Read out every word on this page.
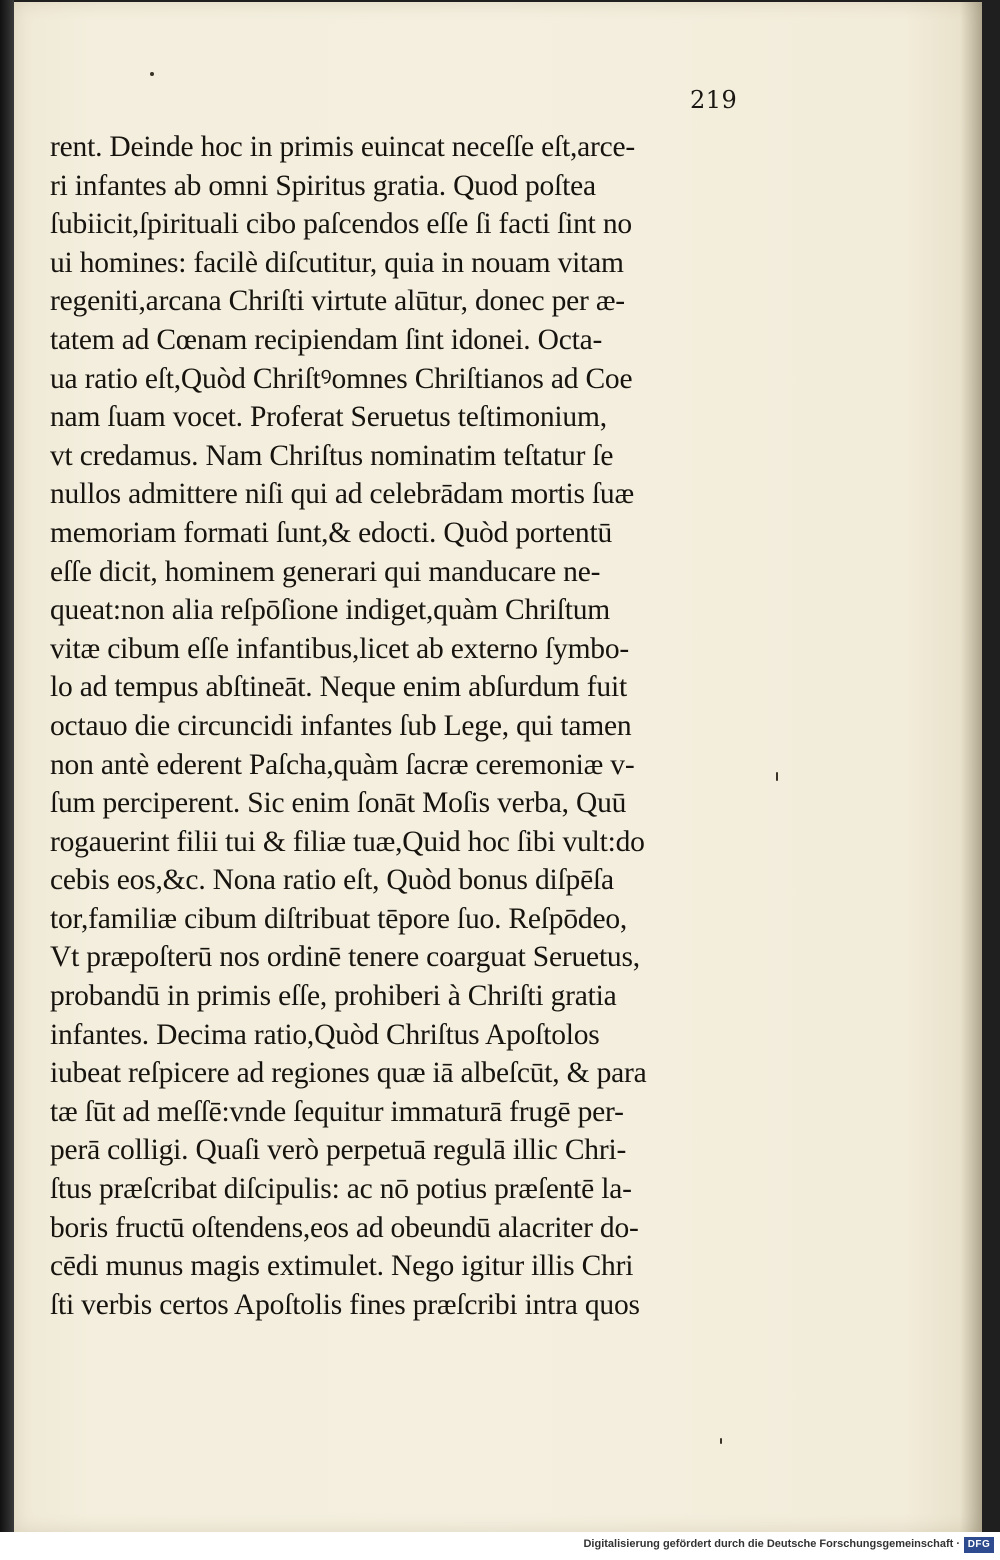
219
rent. Deinde hoc in primis euincat neceſſe eſt,arce-
ri infantes ab omni Spiritus gratia. Quod poſtea
ſubiicit,ſpirituali cibo paſcendos eſſe ſi facti ſint no
ui homines: facilè diſcutitur, quia in nouam vitam
regeniti,arcana Chriſti virtute alūtur, donec per æ-
tatem ad Cœnam recipiendam ſint idonei. Octa-
ua ratio eſt,Quòd Chriſtꝰomnes Chriſtianos ad Coe
nam ſuam vocet. Proferat Seruetus teſtimonium,
vt credamus. Nam Chriſtus nominatim teſtatur ſe
nullos admittere niſi qui ad celebrādam mortis ſuæ
memoriam formati ſunt,& edocti. Quòd portentū
eſſe dicit, hominem generari qui manducare ne-
queat:non alia reſpōſione indiget,quàm Chriſtum
vitæ cibum eſſe infantibus,licet ab externo ſymbo-
lo ad tempus abſtineāt. Neque enim abſurdum fuit
octauo die circuncidi infantes ſub Lege, qui tamen
non antè ederent Paſcha,quàm ſacræ ceremoniæ v-
ſum perciperent. Sic enim ſonāt Moſis verba, Quū
rogauerint filii tui & filiæ tuæ,Quid hoc ſibi vult:do
cebis eos,&c. Nona ratio eſt, Quòd bonus diſpēſa
tor,familiæ cibum diſtribuat tēpore ſuo. Reſpōdeo,
Vt præpoſterū nos ordinē tenere coarguat Seruetus,
probandū in primis eſſe, prohiberi à Chriſti gratia
infantes. Decima ratio,Quòd Chriſtus Apoſtolos
iubeat reſpicere ad regiones quæ iā albeſcūt, & para
tæ ſūt ad meſſē:vnde ſequitur immaturā frugē per-
perā colligi. Quaſi verò perpetuā regulā illic Chri-
ſtus præſcribat diſcipulis: ac nō potius præſentē la-
boris fructū oſtendens,eos ad obeundū alacriter do-
cēdi munus magis extimulet. Nego igitur illis Chri
ſti verbis certos Apoſtolis fines præſcribi intra quos
Digitalisierung gefördert durch die Deutsche Forschungsgemeinschaft · DFG
